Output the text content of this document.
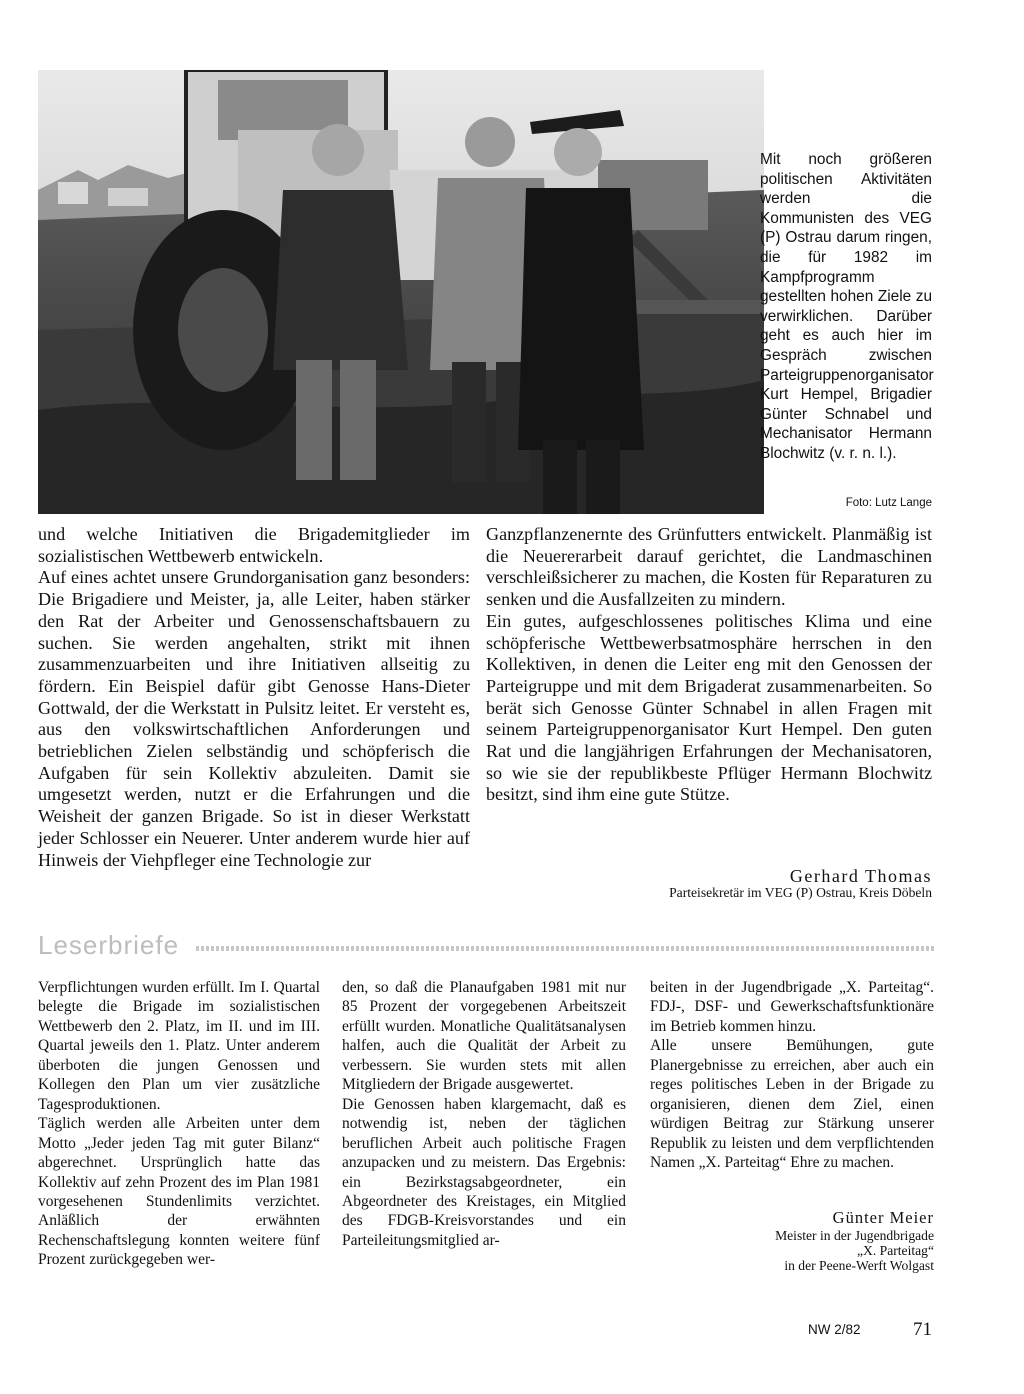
Mit noch größeren politischen Aktivitäten werden die Kommunisten des VEG (P) Ostrau darum ringen, die für 1982 im Kampfprogramm gestellten hohen Ziele zu verwirklichen. Darüber geht es auch hier im Gespräch zwischen Parteigruppenorganisator Kurt Hempel, Brigadier Günter Schnabel und Mechanisator Hermann Blochwitz (v. r. n. l.).

Foto: Lutz Lange

und welche Initiativen die Brigademitglieder im sozialistischen Wettbewerb entwickeln.

Auf eines achtet unsere Grundorganisation ganz besonders: Die Brigadiere und Meister, ja, alle Leiter, haben stärker den Rat der Arbeiter und Genossenschaftsbauern zu suchen. Sie werden angehalten, strikt mit ihnen zusammenzuarbeiten und ihre Initiativen allseitig zu fördern. Ein Beispiel dafür gibt Genosse Hans-Dieter Gottwald, der die Werkstatt in Pulsitz leitet. Er versteht es, aus den volkswirtschaftlichen Anforderungen und betrieblichen Zielen selbständig und schöpferisch die Aufgaben für sein Kollektiv abzuleiten. Damit sie umgesetzt werden, nutzt er die Erfahrungen und die Weisheit der ganzen Brigade. So ist in dieser Werkstatt jeder Schlosser ein Neuerer. Unter anderem wurde hier auf Hinweis der Viehpfleger eine Technologie zur

Ganzpflanzenernte des Grünfutters entwickelt. Planmäßig ist die Neuererarbeit darauf gerichtet, die Landmaschinen verschleißsicherer zu machen, die Kosten für Reparaturen zu senken und die Ausfallzeiten zu mindern.

Ein gutes, aufgeschlossenes politisches Klima und eine schöpferische Wettbewerbsatmosphäre herrschen in den Kollektiven, in denen die Leiter eng mit den Genossen der Parteigruppe und mit dem Brigaderat zusammenarbeiten. So berät sich Genosse Günter Schnabel in allen Fragen mit seinem Parteigruppenorganisator Kurt Hempel. Den guten Rat und die langjährigen Erfahrungen der Mechanisatoren, so wie sie der republikbeste Pflüger Hermann Blochwitz besitzt, sind ihm eine gute Stütze.

Gerhard Thomas
Parteisekretär im VEG (P) Ostrau, Kreis Döbeln
Leserbriefe

Verpflichtungen wurden erfüllt. Im I. Quartal belegte die Brigade im sozialistischen Wettbewerb den 2. Platz, im II. und im III. Quartal jeweils den 1. Platz. Unter anderem überboten die jungen Genossen und Kollegen den Plan um vier zusätzliche Tagesproduktionen.

Täglich werden alle Arbeiten unter dem Motto „Jeder jeden Tag mit guter Bilanz“ abgerechnet. Ursprünglich hatte das Kollektiv auf zehn Prozent des im Plan 1981 vorgesehenen Stundenlimits verzichtet. Anläßlich der erwähnten Rechenschaftslegung konnten weitere fünf Prozent zurückgegeben wer-

den, so daß die Planaufgaben 1981 mit nur 85 Prozent der vorgegebenen Arbeitszeit erfüllt wurden. Monatliche Qualitätsanalysen halfen, auch die Qualität der Arbeit zu verbessern. Sie wurden stets mit allen Mitgliedern der Brigade ausgewertet.

Die Genossen haben klargemacht, daß es notwendig ist, neben der täglichen beruflichen Arbeit auch politische Fragen anzupacken und zu meistern. Das Ergebnis: ein Bezirkstagsabgeordneter, ein Abgeordneter des Kreistages, ein Mitglied des FDGB-Kreisvorstandes und ein Parteileitungsmitglied ar-

beiten in der Jugendbrigade „X. Parteitag“. FDJ-, DSF- und Gewerkschaftsfunktionäre im Betrieb kommen hinzu.

Alle unsere Bemühungen, gute Planergebnisse zu erreichen, aber auch ein reges politisches Leben in der Brigade zu organisieren, dienen dem Ziel, einen würdigen Beitrag zur Stärkung unserer Republik zu leisten und dem verpflichtenden Namen „X. Parteitag“ Ehre zu machen.

Günter Meier
Meister in der Jugendbrigade
„X. Parteitag“
in der Peene-Werft Wolgast
NW 2/82	71
